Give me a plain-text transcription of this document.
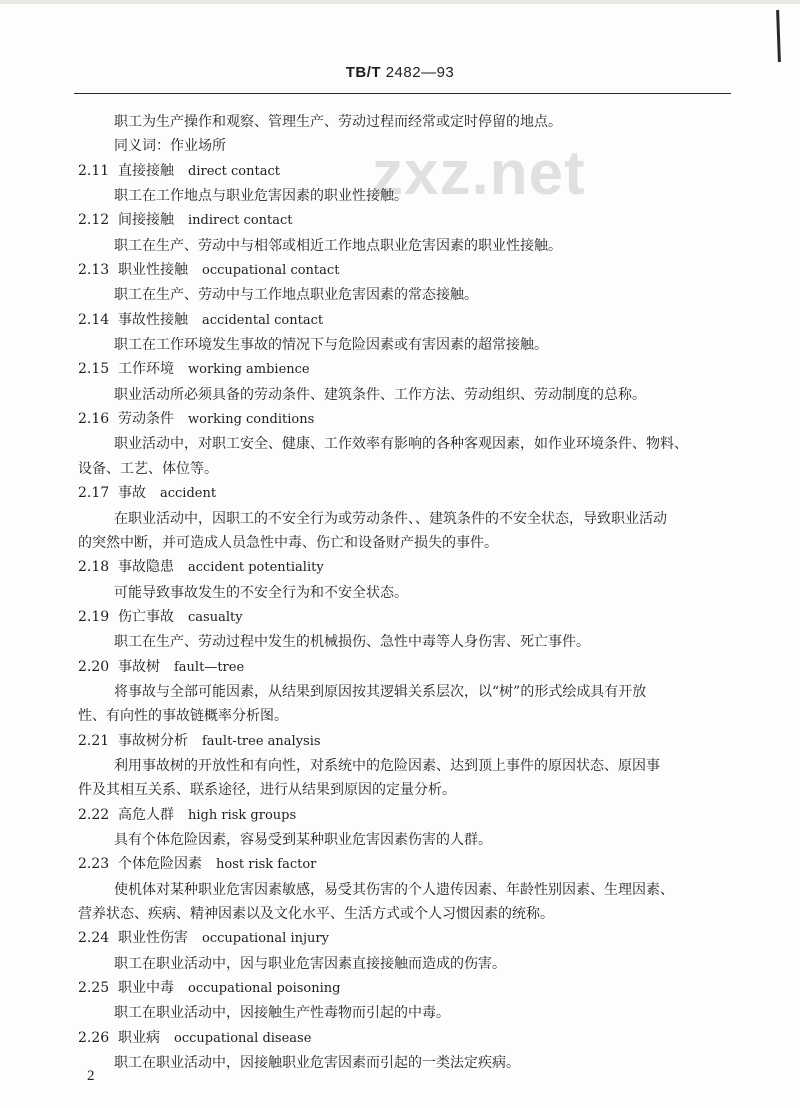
TB/T 2482—93
zxz.net

职工为生产操作和观察、管理生产、劳动过程而经常或定时停留的地点。

同义词：作业场所

2.11 直接接触 direct contact

职工在工作地点与职业危害因素的职业性接触。

2.12 间接接触 indirect contact

职工在生产、劳动中与相邻或相近工作地点职业危害因素的职业性接触。

2.13 职业性接触 occupational contact

职工在生产、劳动中与工作地点职业危害因素的常态接触。

2.14 事故性接触 accidental contact

职工在工作环境发生事故的情况下与危险因素或有害因素的超常接触。

2.15 工作环境 working ambience

职业活动所必须具备的劳动条件、建筑条件、工作方法、劳动组织、劳动制度的总称。

2.16 劳动条件 working conditions

职业活动中，对职工安全、健康、工作效率有影响的各种客观因素，如作业环境条件、物料、

设备、工艺、体位等。

2.17 事故 accident

在职业活动中，因职工的不安全行为或劳动条件、、建筑条件的不安全状态，导致职业活动

的突然中断，并可造成人员急性中毒、伤亡和设备财产损失的事件。

2.18 事故隐患 accident potentiality

可能导致事故发生的不安全行为和不安全状态。

2.19 伤亡事故 casualty

职工在生产、劳动过程中发生的机械损伤、急性中毒等人身伤害、死亡事件。

2.20 事故树 fault—tree

将事故与全部可能因素，从结果到原因按其逻辑关系层次，以“树”的形式绘成具有开放

性、有向性的事故链概率分析图。

2.21 事故树分析 fault-tree analysis

利用事故树的开放性和有向性，对系统中的危险因素、达到顶上事件的原因状态、原因事

件及其相互关系、联系途径，进行从结果到原因的定量分析。

2.22 高危人群 high risk groups

具有个体危险因素，容易受到某种职业危害因素伤害的人群。

2.23 个体危险因素 host risk factor

使机体对某种职业危害因素敏感，易受其伤害的个人遗传因素、年龄性别因素、生理因素、

营养状态、疾病、精神因素以及文化水平、生活方式或个人习惯因素的统称。

2.24 职业性伤害 occupational injury

职工在职业活动中，因与职业危害因素直接接触而造成的伤害。

2.25 职业中毒 occupational poisoning

职工在职业活动中，因接触生产性毒物而引起的中毒。

2.26 职业病 occupational disease

职工在职业活动中，因接触职业危害因素而引起的一类法定疾病。

2
